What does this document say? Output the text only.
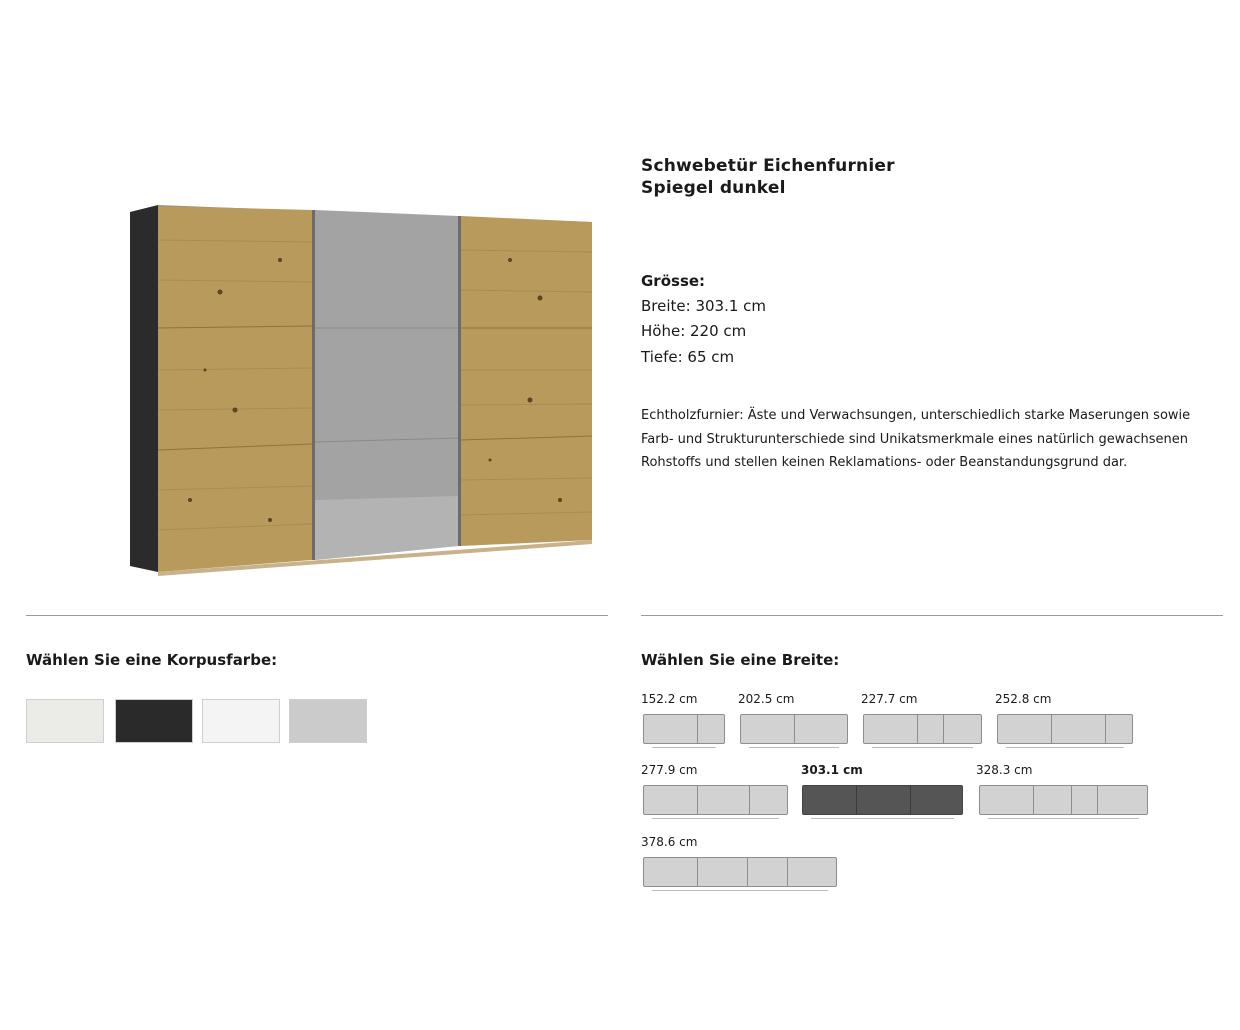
Schwebetür Eichenfurnier
Spiegel dunkel
Grösse:
Breite: 303.1 cm
Höhe: 220 cm
Tiefe: 65 cm
Echtholzfurnier: Äste und Verwachsungen, unterschiedlich starke Maserungen sowie Farb- und Strukturunterschiede sind Unikatsmerkmale eines natürlich gewachsenen Rohstoffs und stellen keinen Reklamations- oder Beanstandungsgrund dar.
Wählen Sie eine Korpusfarbe:	Wählen Sie eine Breite:
152.2 cm	202.5 cm	227.7 cm	252.8 cm
277.9 cm	303.1 cm	328.3 cm
378.6 cm
